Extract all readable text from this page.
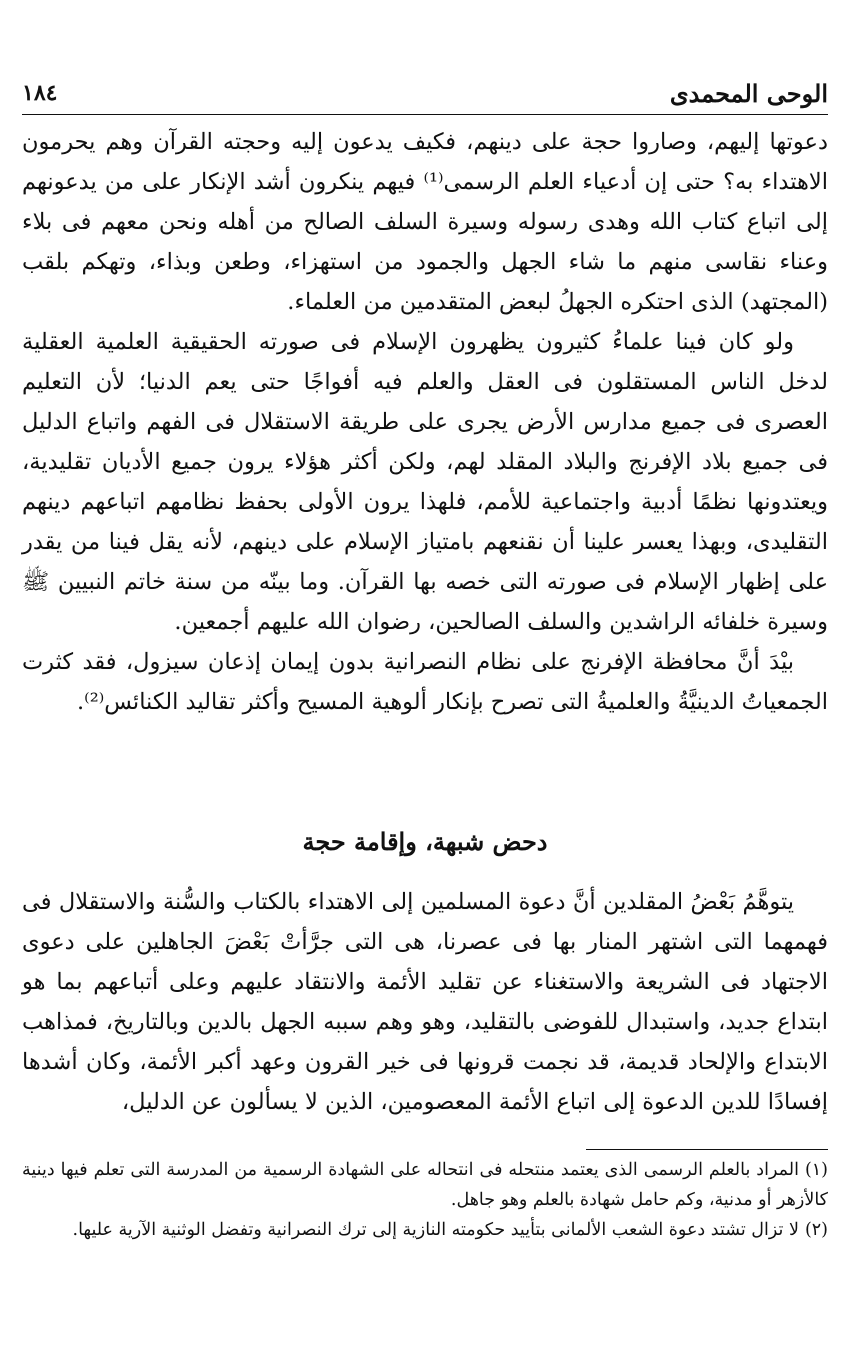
الوحى المحمدى
١٨٤

دعوتها إليهم، وصاروا حجة على دينهم، فكيف يدعون إليه وحجته القرآن وهم يحرمون الاهتداء به؟ حتى إن أدعياء العلم الرسمى⁽¹⁾ فيهم ينكرون أشد الإنكار على من يدعونهم إلى اتباع كتاب الله وهدى رسوله وسيرة السلف الصالح من أهله ونحن معهم فى بلاء وعناء نقاسى منهم ما شاء الجهل والجمود من استهزاء، وطعن وبذاء، وتهكم بلقب (المجتهد) الذى احتكره الجهلُ لبعض المتقدمين من العلماء.

ولو كان فينا علماءُ كثيرون يظهرون الإسلام فى صورته الحقيقية العلمية العقلية لدخل الناس المستقلون فى العقل والعلم فيه أفواجًا حتى يعم الدنيا؛ لأن التعليم العصرى فى جميع مدارس الأرض يجرى على طريقة الاستقلال فى الفهم واتباع الدليل فى جميع بلاد الإفرنج والبلاد المقلد لهم، ولكن أكثر هؤلاء يرون جميع الأديان تقليدية، ويعتدونها نظمًا أدبية واجتماعية للأمم، فلهذا يرون الأولى بحفظ نظامهم اتباعهم دينهم التقليدى، وبهذا يعسر علينا أن نقنعهم بامتياز الإسلام على دينهم، لأنه يقل فينا من يقدر على إظهار الإسلام فى صورته التى خصه بها القرآن. وما بينّه من سنة خاتم النبيين ﷺ وسيرة خلفائه الراشدين والسلف الصالحين، رضوان الله عليهم أجمعين.

بيْدَ أنَّ محافظة الإفرنج على نظام النصرانية بدون إيمان إذعان سيزول، فقد كثرت الجمعياتُ الدينيَّةُ والعلميةُ التى تصرح بإنكار ألوهية المسيح وأكثر تقاليد الكنائس⁽²⁾.

دحض شبهة، وإقامة حجة

يتوهَّمُ بَعْضُ المقلدين أنَّ دعوة المسلمين إلى الاهتداء بالكتاب والسُّنة والاستقلال فى فهمهما التى اشتهر المنار بها فى عصرنا، هى التى جرَّأتْ بَعْضَ الجاهلين على دعوى الاجتهاد فى الشريعة والاستغناء عن تقليد الأئمة والانتقاد عليهم وعلى أتباعهم بما هو ابتداع جديد، واستبدال للفوضى بالتقليد، وهو وهم سببه الجهل بالدين وبالتاريخ، فمذاهب الابتداع والإلحاد قديمة، قد نجمت قرونها فى خير القرون وعهد أكبر الأئمة، وكان أشدها إفسادًا للدين الدعوة إلى اتباع الأئمة المعصومين، الذين لا يسألون عن الدليل،

(١)المراد بالعلم الرسمى الذى يعتمد منتحله فى انتحاله على الشهادة الرسمية من المدرسة التى تعلم فيها دينية كالأزهر أو مدنية، وكم حامل شهادة بالعلم وهو جاهل.

(٢)لا تزال تشتد دعوة الشعب الألمانى بتأييد حكومته النازية إلى ترك النصرانية وتفضل الوثنية الآرية عليها.
